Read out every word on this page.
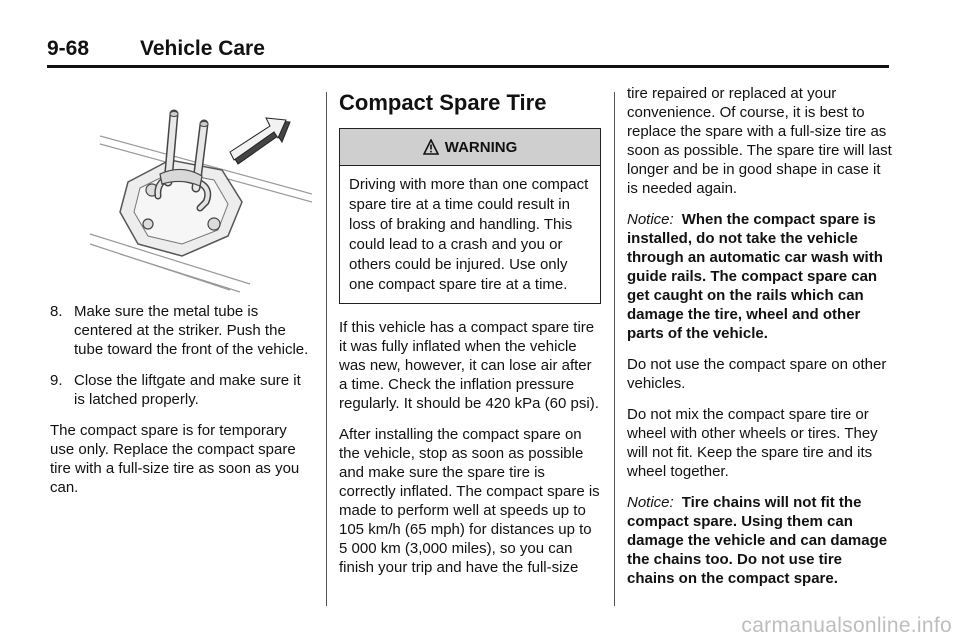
9-68 Vehicle Care
8. Make sure the metal tube is centered at the striker. Push the tube toward the front of the vehicle.
9. Close the liftgate and make sure it is latched properly.

The compact spare is for temporary use only. Replace the compact spare tire with a full-size tire as soon as you can.

Compact Spare Tire
WARNING
Driving with more than one compact spare tire at a time could result in loss of braking and handling. This could lead to a crash and you or others could be injured. Use only one compact spare tire at a time.

If this vehicle has a compact spare tire it was fully inflated when the vehicle was new, however, it can lose air after a time. Check the inflation pressure regularly. It should be 420 kPa (60 psi).

After installing the compact spare on the vehicle, stop as soon as possible and make sure the spare tire is correctly inflated. The compact spare is made to perform well at speeds up to 105 km/h (65 mph) for distances up to 5 000 km (3,000 miles), so you can finish your trip and have the full-size

tire repaired or replaced at your convenience. Of course, it is best to replace the spare with a full-size tire as soon as possible. The spare tire will last longer and be in good shape in case it is needed again.

Notice: When the compact spare is installed, do not take the vehicle through an automatic car wash with guide rails. The compact spare can get caught on the rails which can damage the tire, wheel and other parts of the vehicle.

Do not use the compact spare on other vehicles.

Do not mix the compact spare tire or wheel with other wheels or tires. They will not fit. Keep the spare tire and its wheel together.

Notice: Tire chains will not fit the compact spare. Using them can damage the vehicle and can damage the chains too. Do not use tire chains on the compact spare.

carmanualsonline.info
